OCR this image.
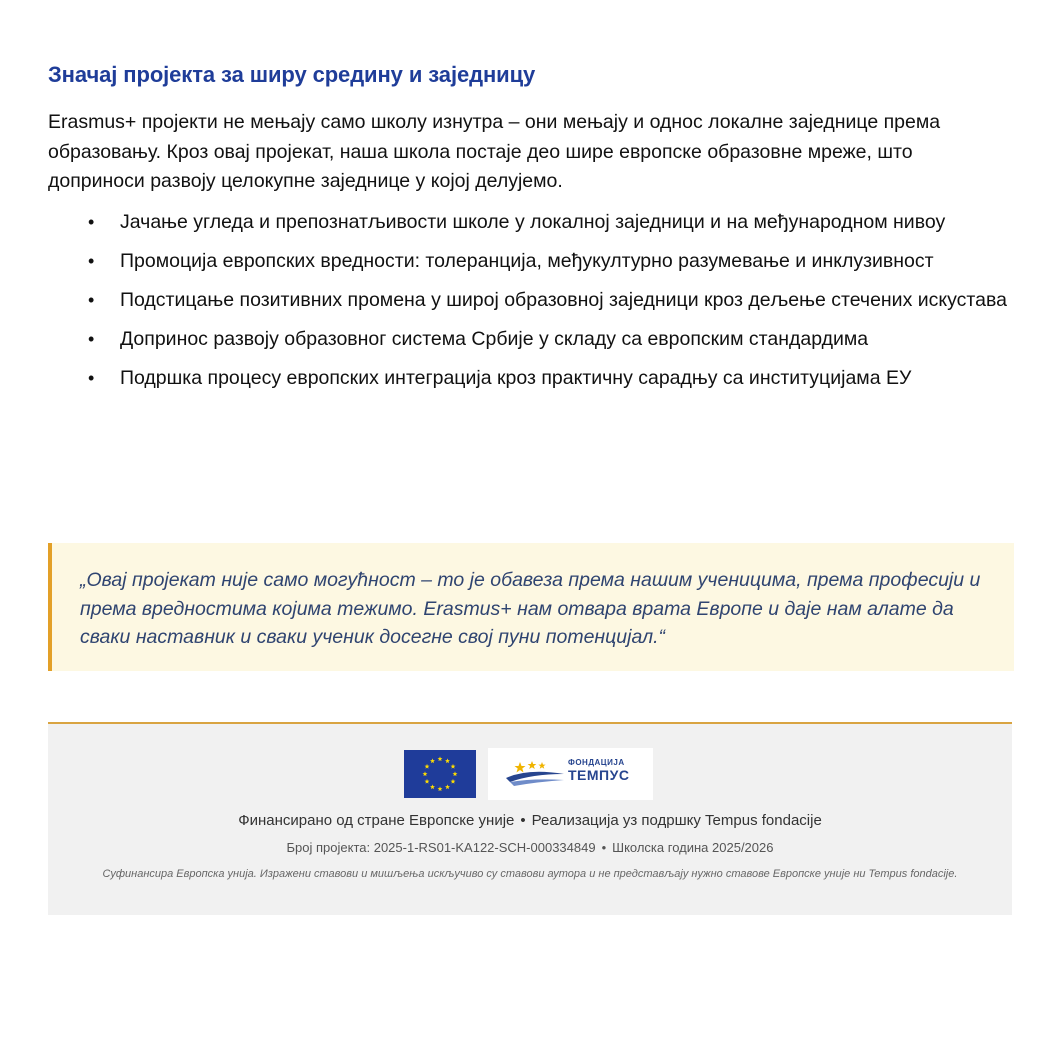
Значај пројекта за ширу средину и заједницу

Erasmus+ пројекти не мењају само школу изнутра – они мењају и однос локалне заједнице према образовању. Кроз овај пројекат, наша школа постаје део шире европске образовне мреже, што доприноси развоју целокупне заједнице у којој делујемо.

• Јачање угледа и препознатљивости школе у локалној заједници и на међународном нивоу
• Промоција европских вредности: толеранција, међукултурно разумевање и инклузивност
• Подстицање позитивних промена у широј образовној заједници кроз дељење стечених искустава
• Допринос развоју образовног система Србије у складу са европским стандардима
• Подршка процесу европских интеграција кроз практичну сарадњу са институцијама ЕУ

„Овај пројекат није само могућност – то је обавеза према нашим ученицима, према професији и према вредностима којима тежимо. Erasmus+ нам отвара врата Европе и даје нам алате да сваки наставник и сваки ученик досегне свој пуни потенцијал.“

ФОНДАЦИЈА
ТЕМПУС
Финансирано од стране Европске уније • Реализација уз подршку Tempus fondacije
Број пројекта: 2025-1-RS01-KA122-SCH-000334849 • Школска година 2025/2026
Суфинансира Европска унија. Изражени ставови и мишљења искључиво су ставови аутора и не представљају нужно ставове Европске уније ни Tempus fondacije.
